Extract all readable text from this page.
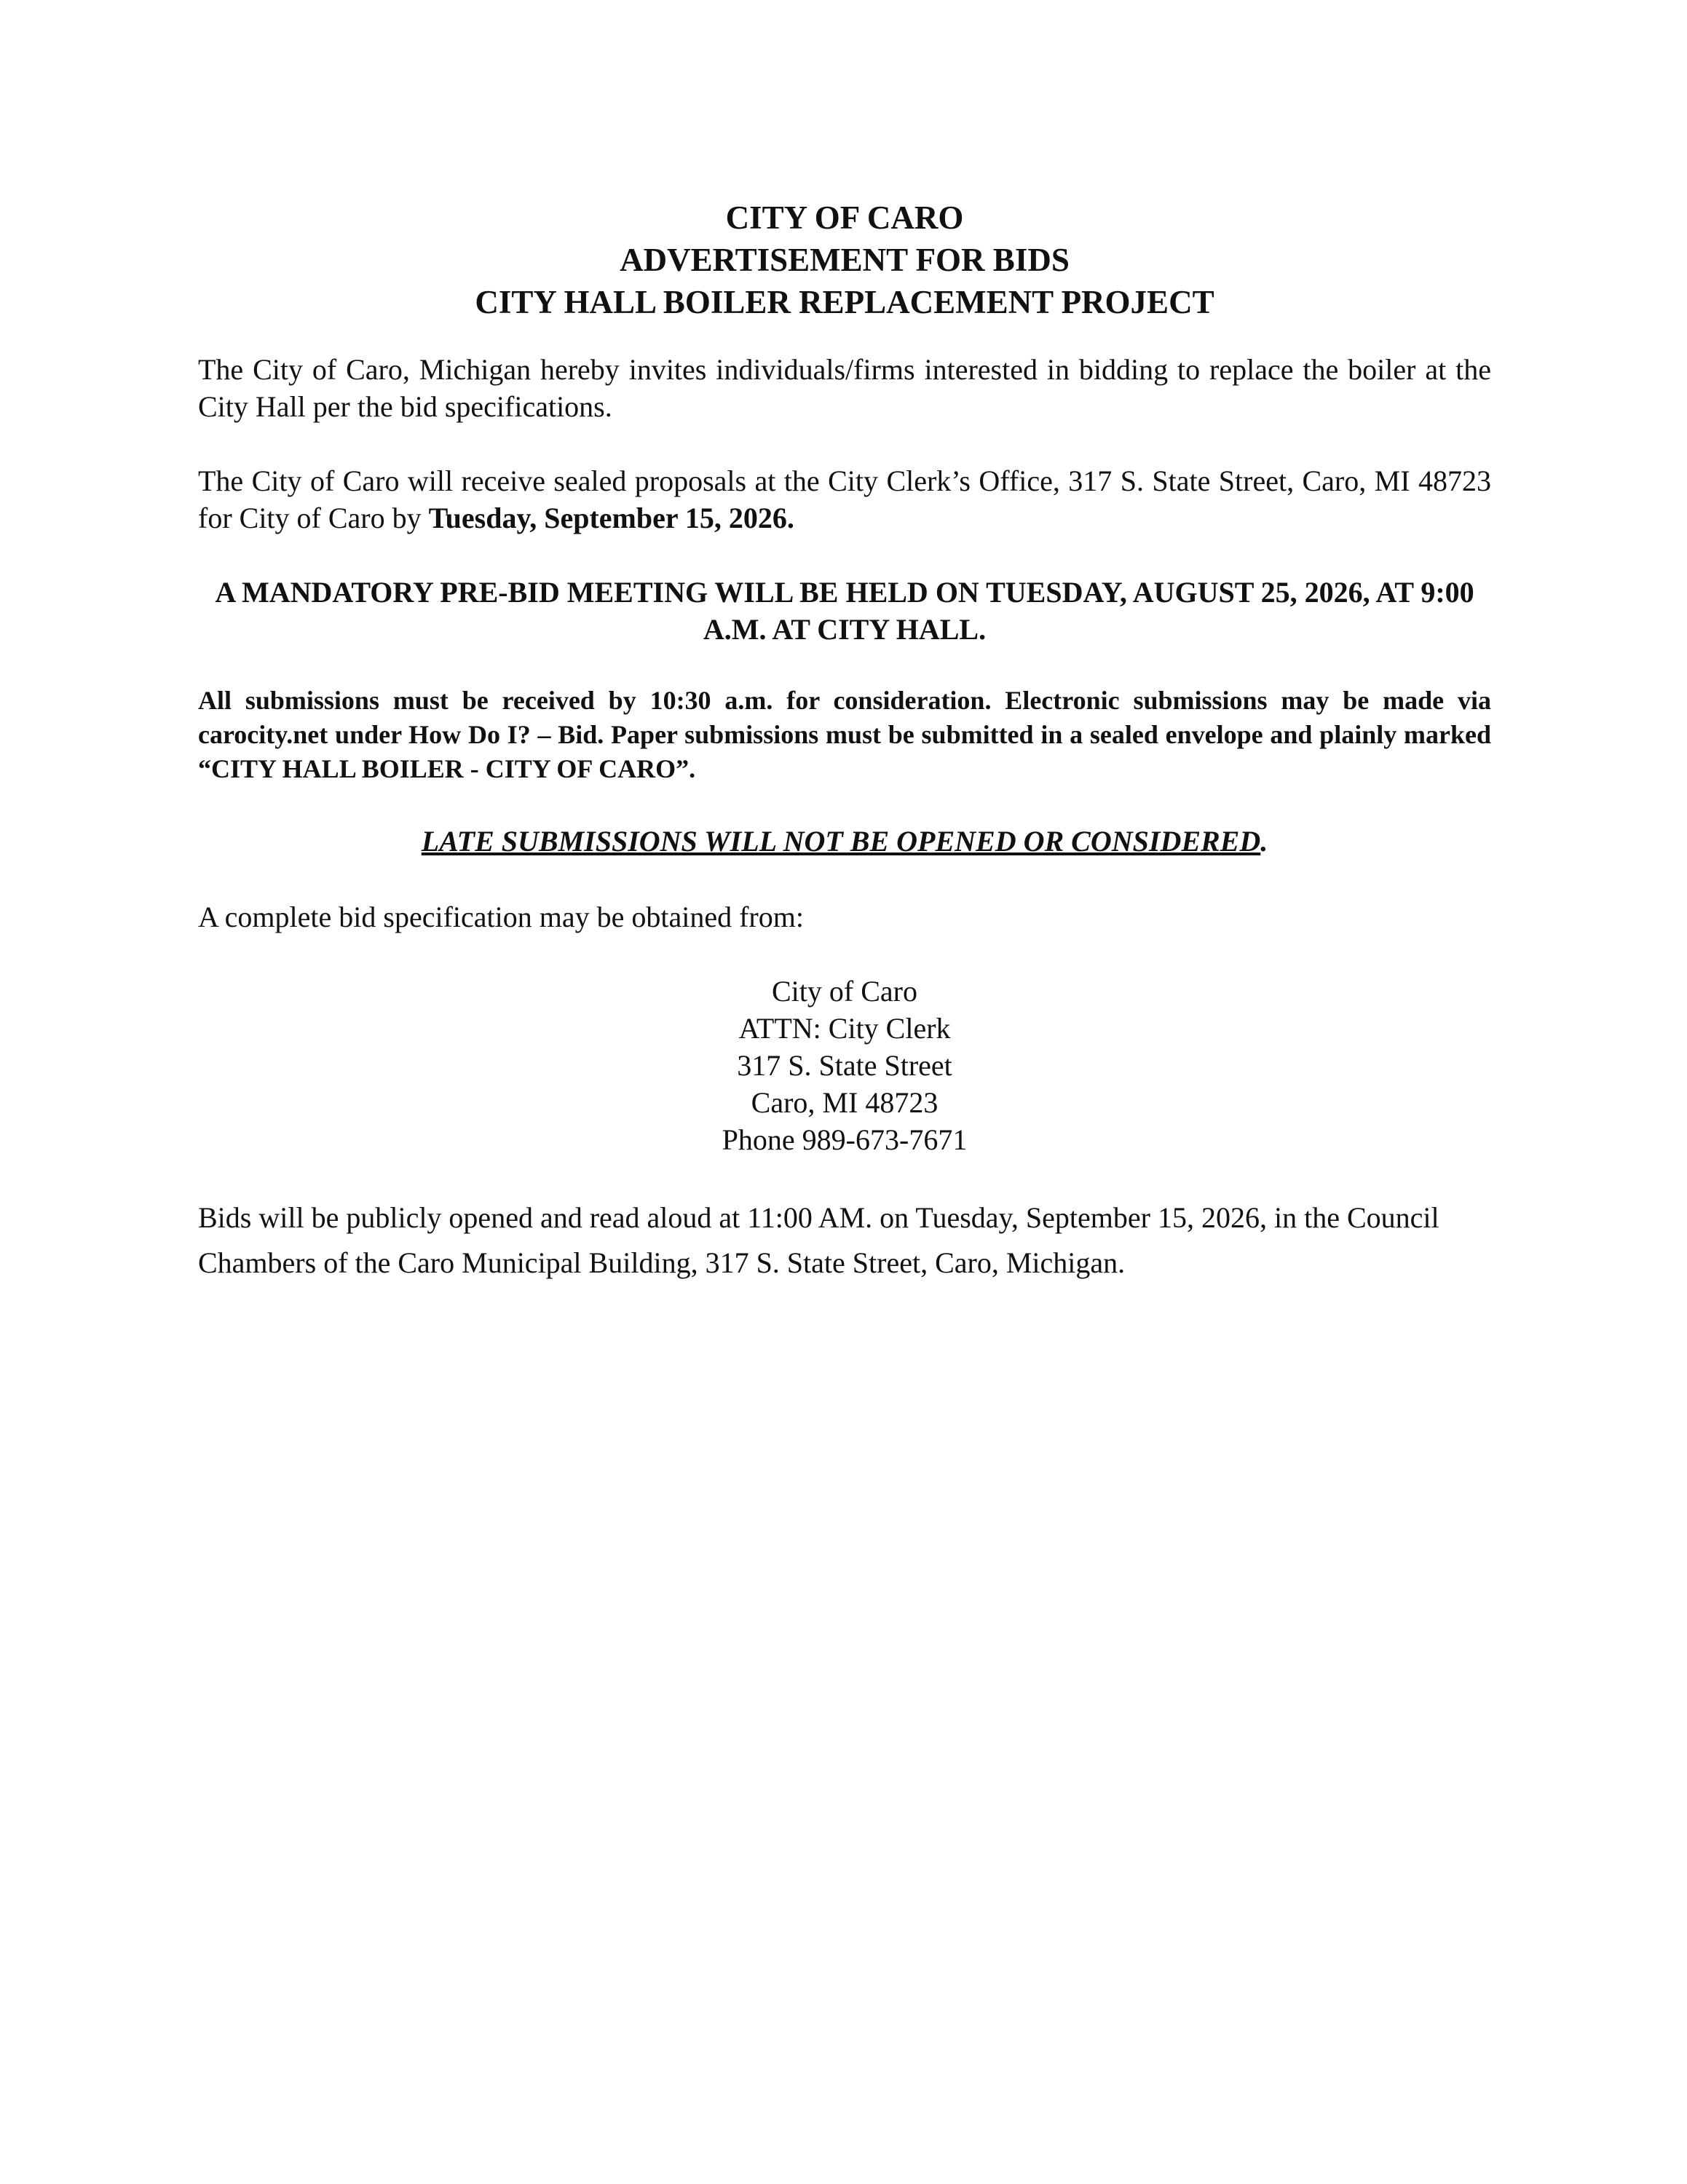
CITY OF CARO
ADVERTISEMENT FOR BIDS
CITY HALL BOILER REPLACEMENT PROJECT

The City of Caro, Michigan hereby invites individuals/firms interested in bidding to replace the boiler at the City Hall per the bid specifications.

The City of Caro will receive sealed proposals at the City Clerk’s Office, 317 S. State Street, Caro, MI 48723 for City of Caro by Tuesday, September 15, 2026.

A MANDATORY PRE-BID MEETING WILL BE HELD ON TUESDAY, AUGUST 25, 2026, AT 9:00 A.M. AT CITY HALL.

All submissions must be received by 10:30 a.m. for consideration. Electronic submissions may be made via carocity.net under How Do I? – Bid. Paper submissions must be submitted in a sealed envelope and plainly marked “CITY HALL BOILER - CITY OF CARO”.

LATE SUBMISSIONS WILL NOT BE OPENED OR CONSIDERED.

A complete bid specification may be obtained from:

City of Caro
ATTN: City Clerk
317 S. State Street
Caro, MI 48723
Phone 989-673-7671

Bids will be publicly opened and read aloud at 11:00 AM. on Tuesday, September 15, 2026, in the Council Chambers of the Caro Municipal Building, 317 S. State Street, Caro, Michigan.
